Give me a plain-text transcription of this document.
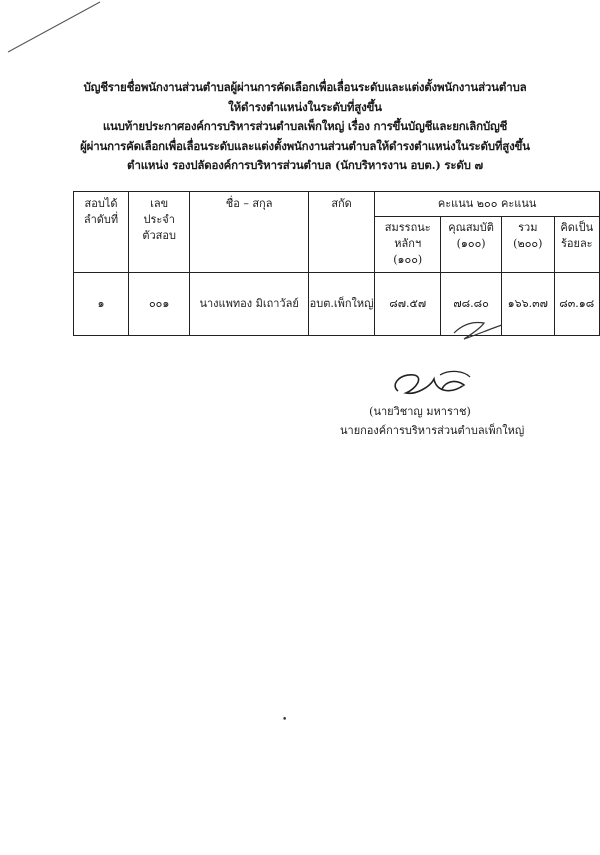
บัญชีรายชื่อพนักงานส่วนตำบลผู้ผ่านการคัดเลือกเพื่อเลื่อนระดับและแต่งตั้งพนักงานส่วนตำบล
ให้ดำรงตำแหน่งในระดับที่สูงขึ้น
แนบท้ายประกาศองค์การบริหารส่วนตำบลเพ็กใหญ่ เรื่อง การขึ้นบัญชีและยกเลิกบัญชี
ผู้ผ่านการคัดเลือกเพื่อเลื่อนระดับและแต่งตั้งพนักงานส่วนตำบลให้ดำรงตำแหน่งในระดับที่สูงขึ้น
ตำแหน่ง รองปลัดองค์การบริหารส่วนตำบล (นักบริหารงาน อบต.) ระดับ ๗
สอบได้ลำดับที่	เลขประจำตัวสอบ	ชื่อ – สกุล	สกัด	คะแนน ๒๐๐ คะแนน			

				สมรรถนะหลักฯ (๑๐๐)	คุณสมบัติ (๑๐๐)	รวม (๒๐๐)	คิดเป็นร้อยละ
๑	๐๐๑	นางแพทอง มิเถาวัลย์	อบต.เพ็กใหญ่	๘๗.๕๗	๗๘.๘๐	๑๖๖.๓๗	๘๓.๑๘
(นายวิชาญ มหาราช)
นายกองค์การบริหารส่วนตำบลเพ็กใหญ่
•
